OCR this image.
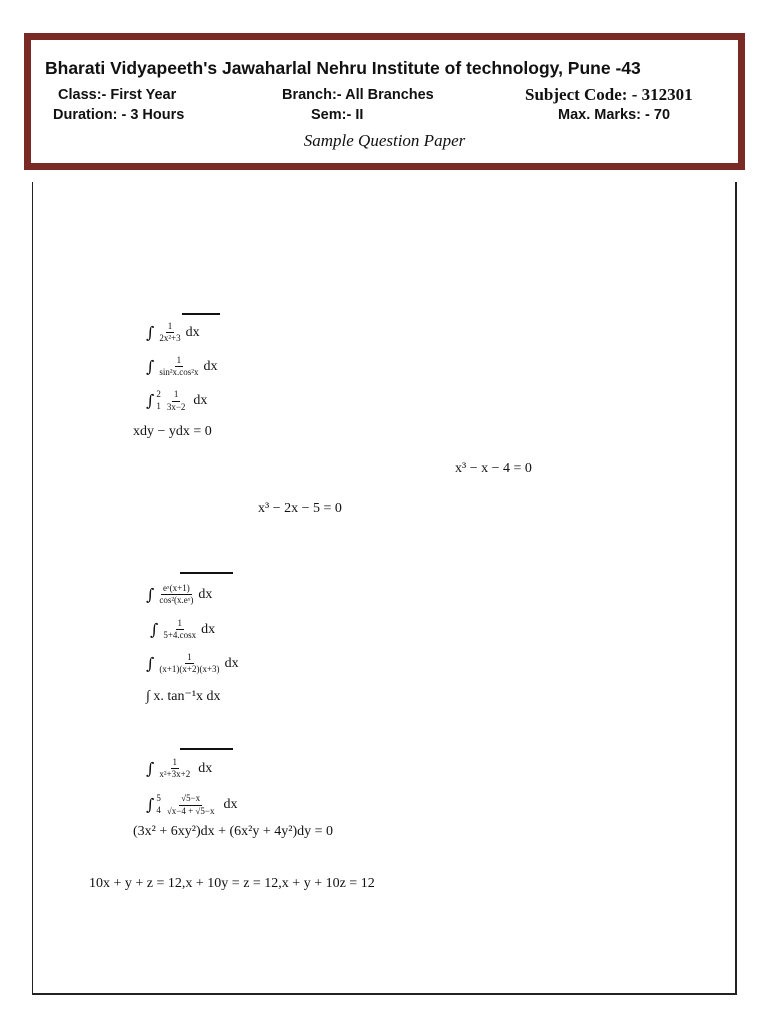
Bharati Vidyapeeth's Jawaharlal Nehru Institute of technology, Pune -43
Class:- First Year	Branch:- All Branches	Subject Code: - 312301
Duration: - 3 Hours	Sem:- II	Max. Marks: - 70
Sample Question Paper
∫ $\frac{1}{\text{2x²+3}}$ dx
∫ $\frac{1}{\text{sin²x.cos²x}}$ dx
∫ 2
$1 \frac{1}{3x-2}$ dx
xdy − ydx = 0
x³ − x − 4 = 0
x³ − 2x − 5 = 0
∫ $\frac{\text{eˣ(x+1)}}{\text{cos²(x.eˣ)}}$ dx
∫ $\frac{1}{5+4.\cos x}$ dx
∫ $\frac{1}{(x+1)(x+2)(x+3)}$ dx
∫ x. tan⁻¹x dx
∫ $\frac{1}{\text{x²+3x+2}}$ dx
∫ 5
$4 \frac{√5-x}{√x-4 + √5-x}$ dx
(3x² + 6xy²)dx + (6x²y + 4y²)dy = 0
10x + y + z = 12,x + 10y = z = 12,x + y + 10z = 12
